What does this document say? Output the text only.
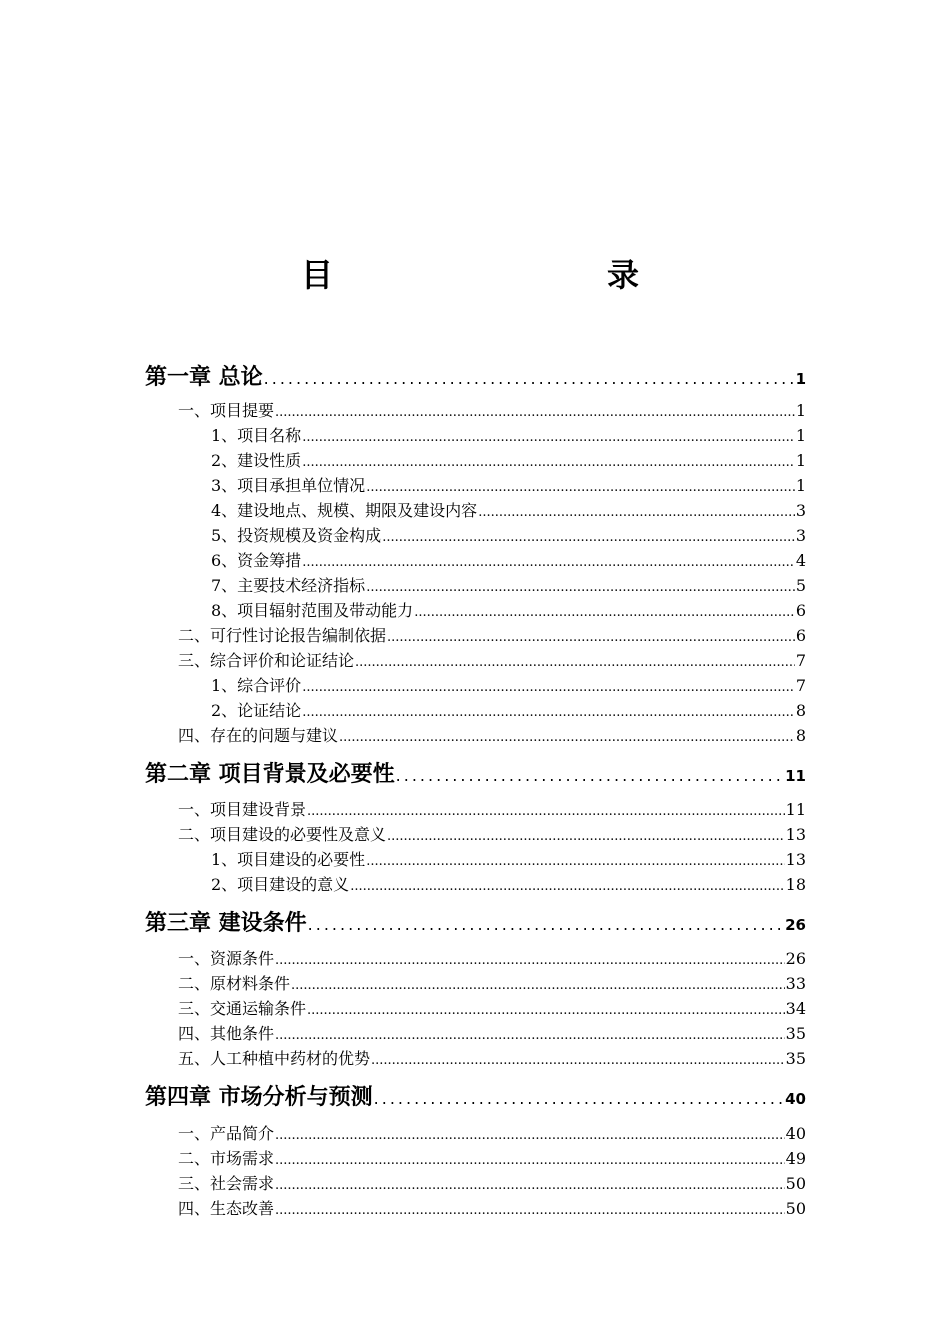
目　　录
第一章 总论 .....	1
一、项目提要 .....	1
1、项目名称 .....	1
2、建设性质 .....	1
3、项目承担单位情况 .....	1
4、建设地点、规模、期限及建设内容 .....	3
5、投资规模及资金构成 .....	3
6、资金筹措 .....	4
7、主要技术经济指标 .....	5
8、项目辐射范围及带动能力 .....	6
二、可行性讨论报告编制依据 .....	6
三、综合评价和论证结论 .....	7
1、综合评价 .....	7
2、论证结论 .....	8
四、存在的问题与建议 .....	8
第二章 项目背景及必要性 .....	11
一、项目建设背景 .....	11
二、项目建设的必要性及意义 .....	13
1、项目建设的必要性 .....	13
2、项目建设的意义 .....	18
第三章 建设条件 .....	26
一、资源条件 .....	26
二、原材料条件 .....	33
三、交通运输条件 .....	34
四、其他条件 .....	35
五、人工种植中药材的优势 .....	35
第四章 市场分析与预测 .....	40
一、产品简介 .....	40
二、市场需求 .....	49
三、社会需求 .....	50
四、生态改善 .....	50
